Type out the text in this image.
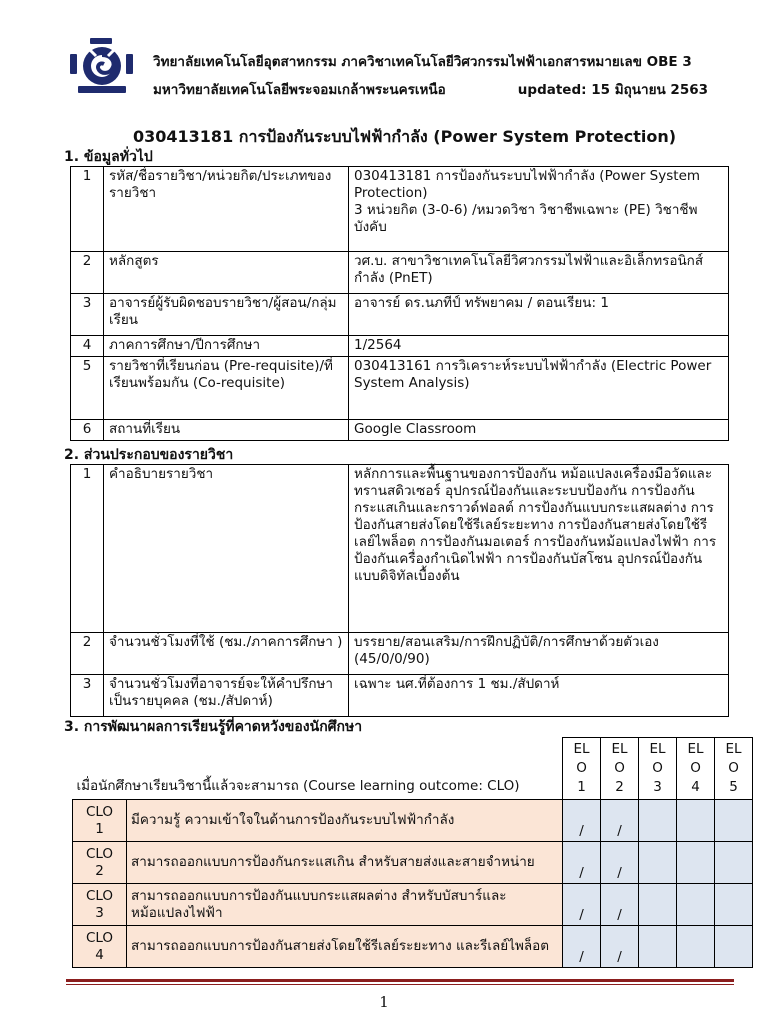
วิทยาลัยเทคโนโลยีอุตสาหกรรม ภาควิชาเทคโนโลยีวิศวกรรมไฟฟ้าเอกสารหมายเลข OBE 3
มหาวิทยาลัยเทคโนโลยีพระจอมเกล้าพระนครเหนือ	updated: 15 มิถุนายน 2563
030413181 การป้องกันระบบไฟฟ้ากำลัง (Power System Protection)
1. ข้อมูลทั่วไป
1	รหัส/ชื่อรายวิชา/หน่วยกิต/ประเภทของรายวิชา	030413181 การป้องกันระบบไฟฟ้ากำลัง (Power System Protection)
3 หน่วยกิต (3-0-6) /หมวดวิชา วิชาชีพเฉพาะ (PE) วิชาชีพบังคับ
2	หลักสูตร	วศ.บ. สาขาวิชาเทคโนโลยีวิศวกรรมไฟฟ้าและอิเล็กทรอนิกส์กำลัง (PnET)
3	อาจารย์ผู้รับผิดชอบรายวิชา/ผู้สอน/กลุ่มเรียน	อาจารย์ ดร.นภทีป์ ทรัพยาคม / ตอนเรียน: 1
4	ภาคการศึกษา/ปีการศึกษา	1/2564
5	รายวิชาที่เรียนก่อน (Pre-requisite)/ที่เรียนพร้อมกัน (Co-requisite)	030413161 การวิเคราะห์ระบบไฟฟ้ากำลัง (Electric Power System Analysis)
6	สถานที่เรียน	Google Classroom
2. ส่วนประกอบของรายวิชา
1	คำอธิบายรายวิชา	หลักการและพื้นฐานของการป้องกัน หม้อแปลงเครื่องมือวัดและทรานสดิวเซอร์ อุปกรณ์ป้องกันและระบบป้องกัน การป้องกันกระแสเกินและกราวด์ฟอลต์ การป้องกันแบบกระแสผลต่าง การป้องกันสายส่งโดยใช้รีเลย์ระยะทาง การป้องกันสายส่งโดยใช้รีเลย์ไพล็อต การป้องกันมอเตอร์ การป้องกันหม้อแปลงไฟฟ้า การป้องกันเครื่องกำเนิดไฟฟ้า การป้องกันบัสโซน อุปกรณ์ป้องกันแบบดิจิทัลเบื้องต้น
2	จำนวนชั่วโมงที่ใช้ (ชม./ภาคการศึกษา )	บรรยาย/สอนเสริม/การฝึกปฏิบัติ/การศึกษาด้วยตัวเอง (45/0/0/90)
3	จำนวนชั่วโมงที่อาจารย์จะให้คำปรึกษาเป็นรายบุคคล (ชม./สัปดาห์)	เฉพาะ นศ.ที่ต้องการ 1 ชม./สัปดาห์
3. การพัฒนาผลการเรียนรู้ที่คาดหวังของนักศึกษา
เมื่อนักศึกษาเรียนวิชานี้แล้วจะสามารถ (Course learning outcome: CLO)		EL
O
1	EL
O
2	EL
O
3	EL
O
4	EL
O
5
CLO
1	มีความรู้ ความเข้าใจในด้านการป้องกันระบบไฟฟ้ากำลัง	/	/			
CLO
2	สามารถออกแบบการป้องกันกระแสเกิน สำหรับสายส่งและสายจำหน่าย	/	/			
CLO
3	สามารถออกแบบการป้องกันแบบกระแสผลต่าง สำหรับบัสบาร์และหม้อแปลงไฟฟ้า	/	/			
CLO
4	สามารถออกแบบการป้องกันสายส่งโดยใช้รีเลย์ระยะทาง และรีเลย์ไพล็อต	/	/			
1
